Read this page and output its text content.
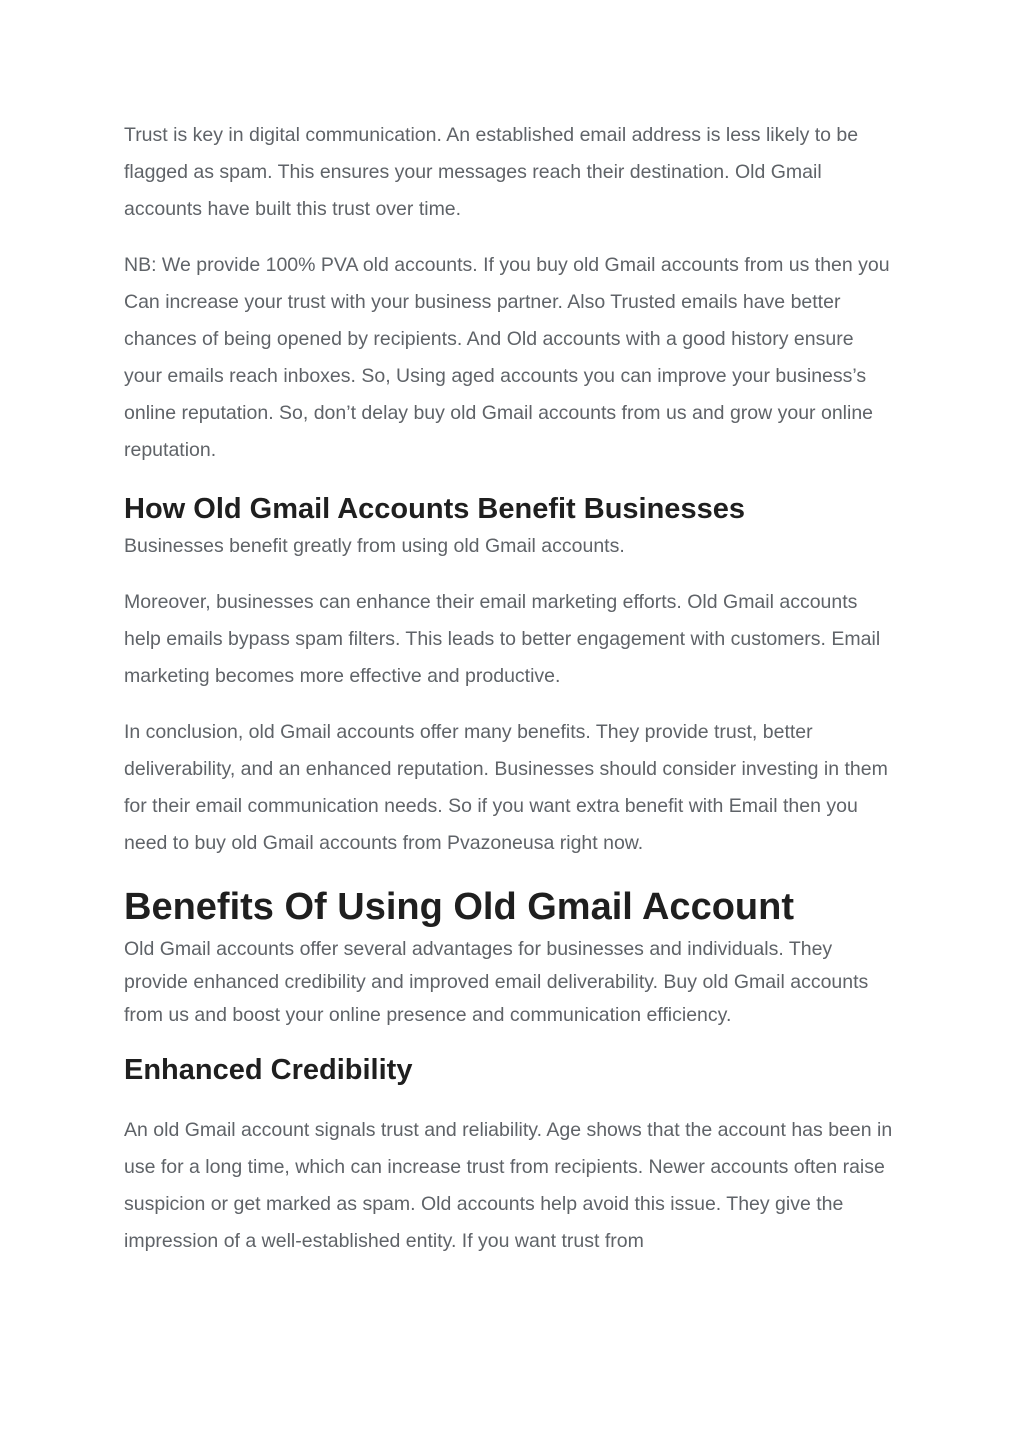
Trust is key in digital communication. An established email address is less likely to be flagged as spam. This ensures your messages reach their destination. Old Gmail accounts have built this trust over time.

NB: We provide 100% PVA old accounts. If you buy old Gmail accounts from us then you Can increase your trust with your business partner. Also Trusted emails have better chances of being opened by recipients. And Old accounts with a good history ensure your emails reach inboxes. So, Using aged accounts you can improve your business’s online reputation. So, don’t delay buy old Gmail accounts from us and grow your online reputation.

How Old Gmail Accounts Benefit Businesses

Businesses benefit greatly from using old Gmail accounts.

Moreover, businesses can enhance their email marketing efforts. Old Gmail accounts help emails bypass spam filters. This leads to better engagement with customers. Email marketing becomes more effective and productive.

In conclusion, old Gmail accounts offer many benefits. They provide trust, better deliverability, and an enhanced reputation. Businesses should consider investing in them for their email communication needs. So if you want extra benefit with Email then you need to buy old Gmail accounts from Pvazoneusa right now.

Benefits Of Using Old Gmail Account

Old Gmail accounts offer several advantages for businesses and individuals. They provide enhanced credibility and improved email deliverability. Buy old Gmail accounts from us and boost your online presence and communication efficiency.

Enhanced Credibility

An old Gmail account signals trust and reliability. Age shows that the account has been in use for a long time, which can increase trust from recipients. Newer accounts often raise suspicion or get marked as spam. Old accounts help avoid this issue. They give the impression of a well-established entity. If you want trust from
